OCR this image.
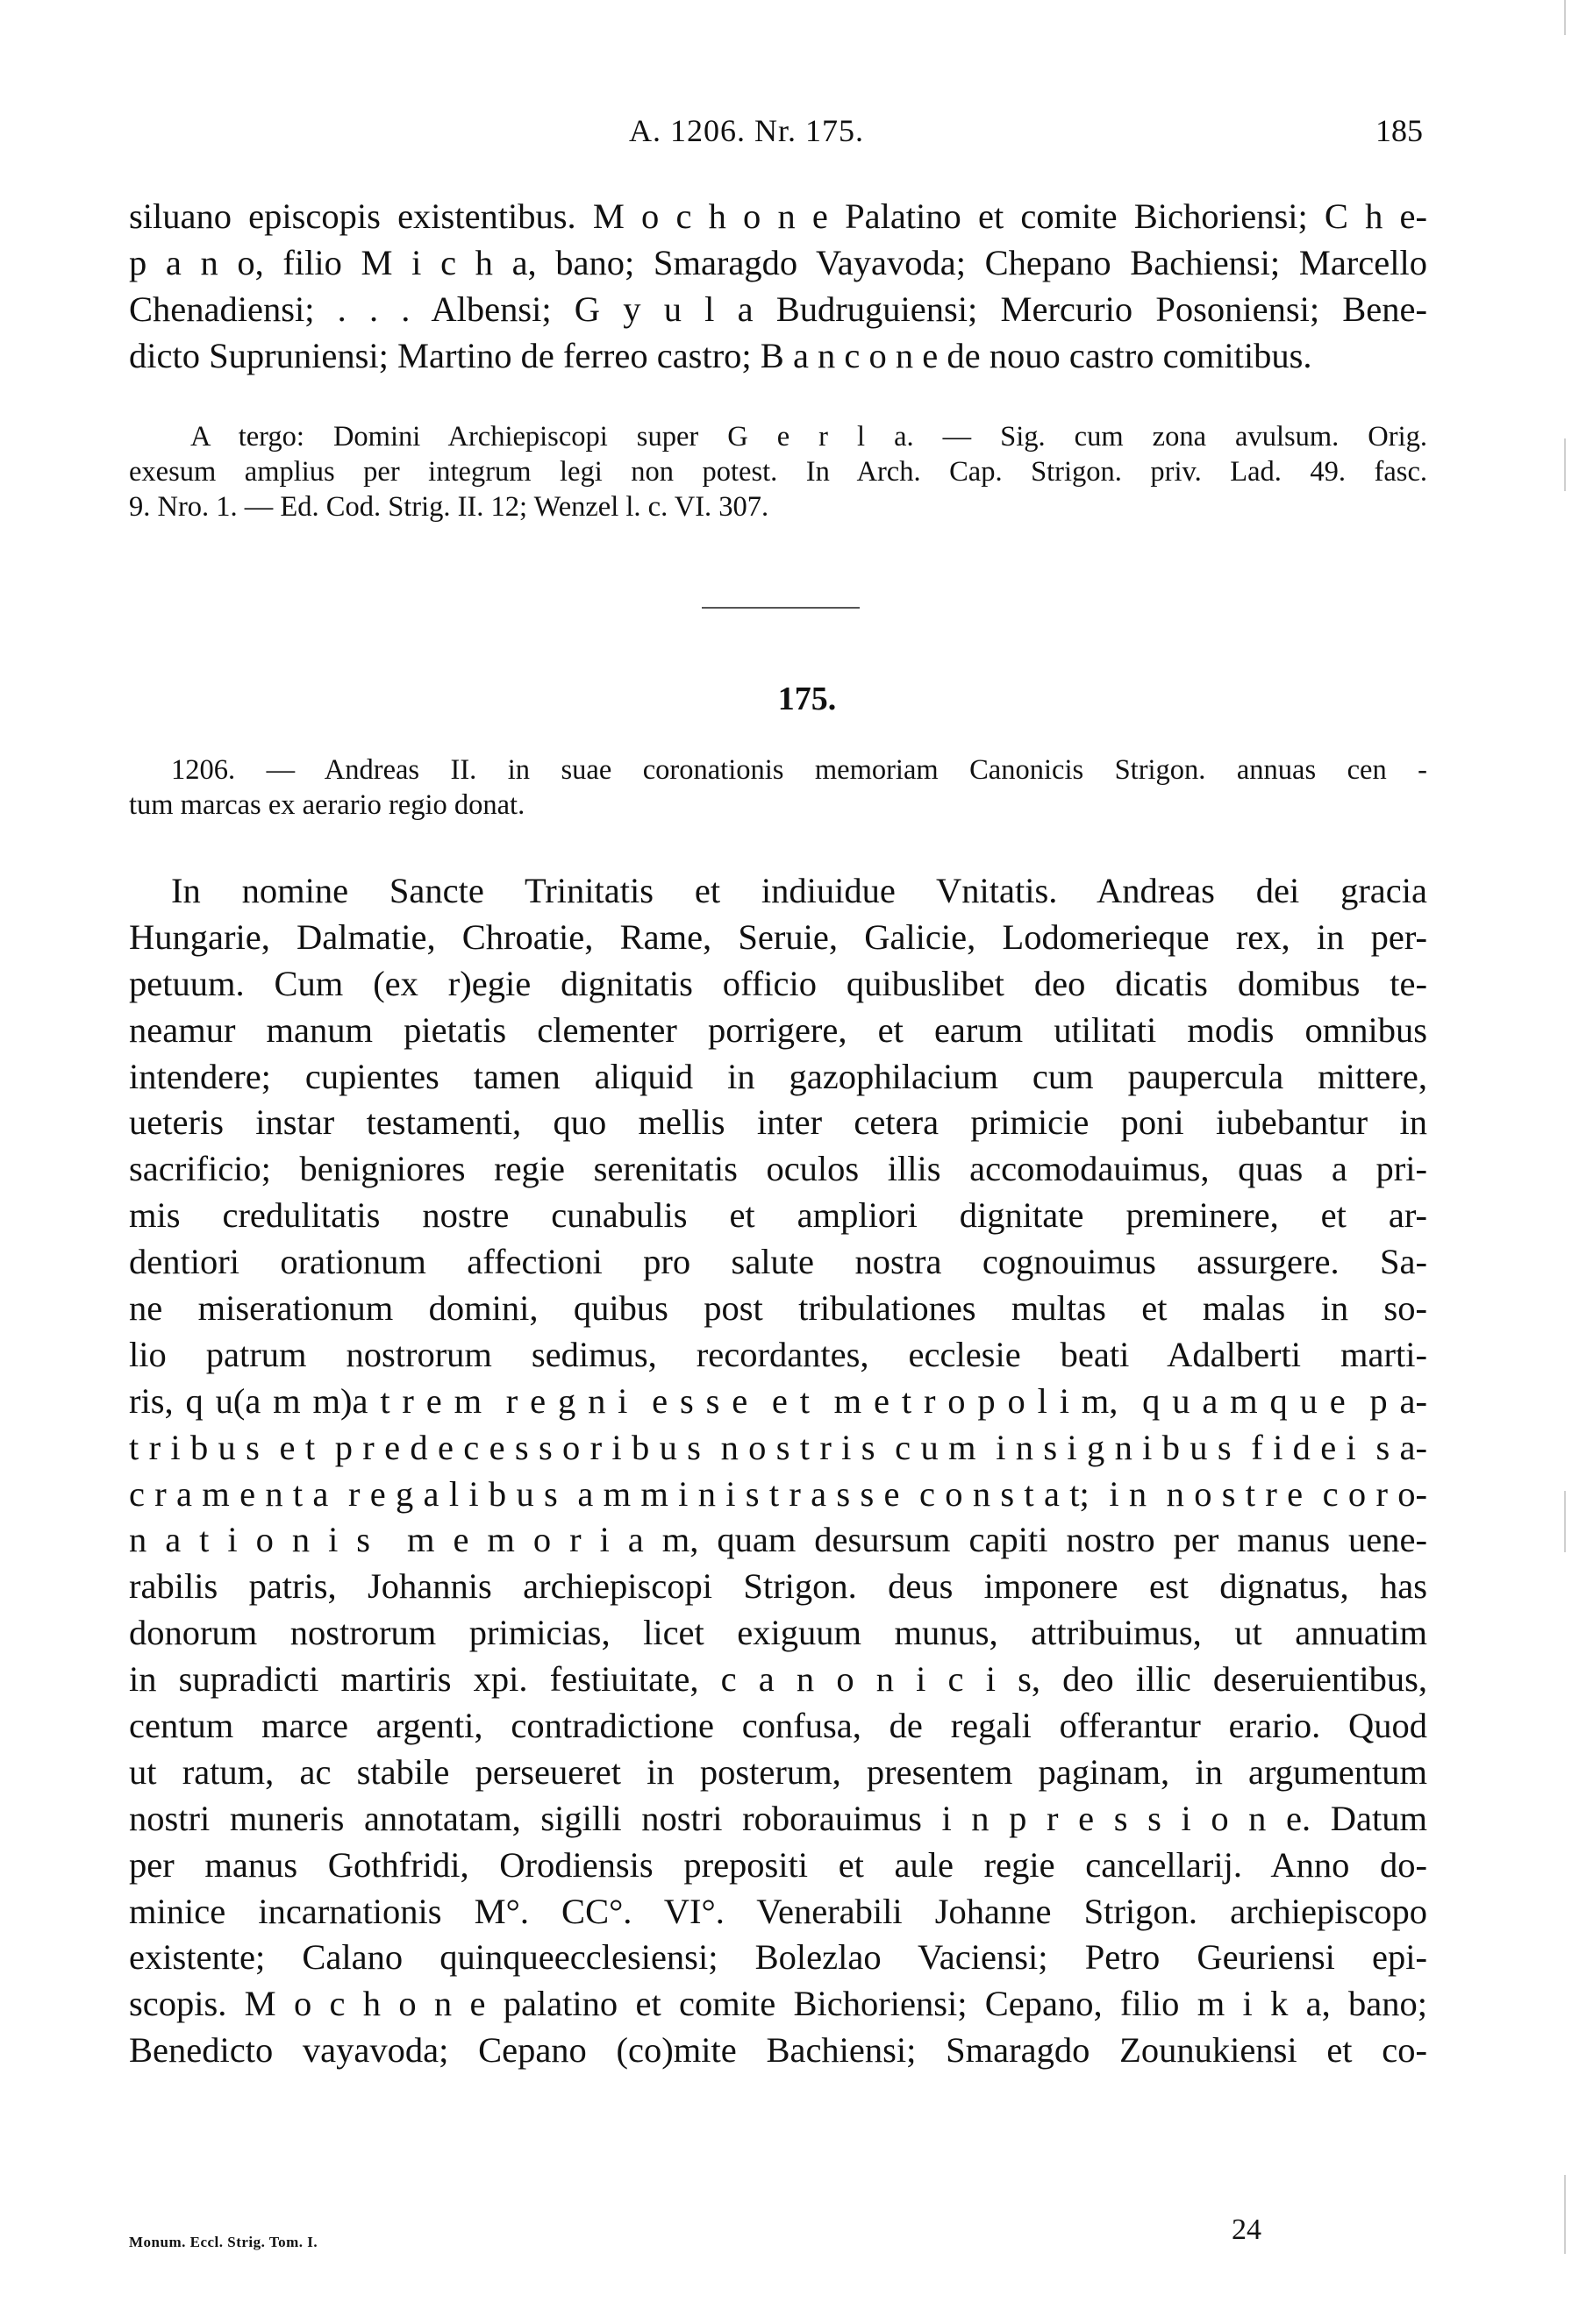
A. 1206. Nr. 175.	185
siluano episcopis existentibus. M o c h o n e Palatino et comite Bichoriensi; C h e-
p a n o, filio M i c h a, bano; Smaragdo Vayavoda; Chepano Bachiensi; Marcello
Chenadiensi; . . . Albensi; G y u l a Budruguiensi; Mercurio Posoniensi; Bene-
dicto Supruniensi; Martino de ferreo castro; B a n c o n e de nouo castro comitibus.
A tergo: Domini Archiepiscopi super G e r l a. — Sig. cum zona avulsum. Orig.
exesum amplius per integrum legi non potest. In Arch. Cap. Strigon. priv. Lad. 49. fasc.
9. Nro. 1. — Ed. Cod. Strig. II. 12; Wenzel l. c. VI. 307.
175.
1206. — Andreas II. in suae coronationis memoriam Canonicis Strigon. annuas cen -
tum marcas ex aerario regio donat.
In nomine Sancte Trinitatis et indiuidue Vnitatis. Andreas dei gracia
Hungarie, Dalmatie, Chroatie, Rame, Seruie, Galicie, Lodomerieque rex, in per-
petuum. Cum (ex r)egie dignitatis officio quibuslibet deo dicatis domibus te-
neamur manum pietatis clementer porrigere, et earum utilitati modis omnibus
intendere; cupientes tamen aliquid in gazophilacium cum paupercula mittere,
ueteris instar testamenti, quo mellis inter cetera primicie poni iubebantur in
sacrificio; benigniores regie serenitatis oculos illis accomodauimus, quas a pri-
mis credulitatis nostre cunabulis et ampliori dignitate preminere, et ar-
dentiori orationum affectioni pro salute nostra cognouimus assurgere. Sa-
ne miserationum domini, quibus post tribulationes multas et malas in so-
lio patrum nostrorum sedimus, recordantes, ecclesie beati Adalberti marti-
ris, q u(a m m)a t r e m  r e g n i  e s s e  e t  m e t r o p o l i m,  q u a m q u e  p a-
t r i b u s  e t  p r e d e c e s s o r i b u s  n o s t r i s  c u m  i n s i g n i b u s  f i d e i  s a-
c r a m e n t a  r e g a l i b u s  a m m i n i s t r a s s e  c o n s t a t;  i n  n o s t r e  c o r o-
n a t i o n i s  m e m o r i a m, quam desursum capiti nostro per manus uene-
rabilis patris, Johannis archiepiscopi Strigon. deus imponere est dignatus, has
donorum nostrorum primicias, licet exiguum munus, attribuimus, ut annuatim
in supradicti martiris xpi. festiuitate, c a n o n i c i s, deo illic deseruientibus,
centum marce argenti, contradictione confusa, de regali offerantur erario. Quod
ut ratum, ac stabile perseueret in posterum, presentem paginam, in argumentum
nostri muneris annotatam, sigilli nostri roborauimus i n p r e s s i o n e. Datum
per manus Gothfridi, Orodiensis prepositi et aule regie cancellarij. Anno do-
minice incarnationis M°. CC°. VI°. Venerabili Johanne Strigon. archiepiscopo
existente; Calano quinqueecclesiensi; Bolezlao Vaciensi; Petro Geuriensi epi-
scopis. M o c h o n e palatino et comite Bichoriensi; Cepano, filio m i k a, bano;
Benedicto vayavoda; Cepano (co)mite Bachiensi; Smaragdo Zounukiensi et co-
Monum. Eccl. Strig. Tom. I.	24
